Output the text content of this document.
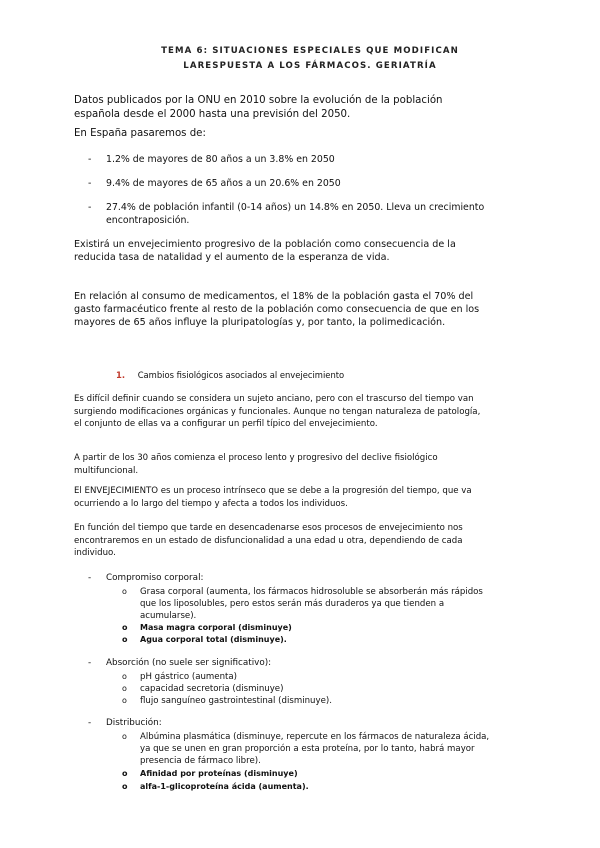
TEMA 6: SITUACIONES ESPECIALES QUE MODIFICAN LARESPUESTA A LOS FÁRMACOS. GERIATRÍA
Datos publicados por la ONU en 2010 sobre la evolución de la población española desde el 2000 hasta una previsión del 2050.
En España pasaremos de:
- 1.2% de mayores de 80 años a un 3.8% en 2050
- 9.4% de mayores de 65 años a un 20.6% en 2050
- 27.4% de población infantil (0-14 años) un 14.8% en 2050. Lleva un crecimiento encontraposición.
Existirá un envejecimiento progresivo de la población como consecuencia de la reducida tasa de natalidad y el aumento de la esperanza de vida.
En relación al consumo de medicamentos, el 18% de la población gasta el 70% del gasto farmacéutico frente al resto de la población como consecuencia de que en los mayores de 65 años influye la pluripatologías y, por tanto, la polimedicación.
1. Cambios fisiológicos asociados al envejecimiento
Es difícil definir cuando se considera un sujeto anciano, pero con el trascurso del tiempo van surgiendo modificaciones orgánicas y funcionales. Aunque no tengan naturaleza de patología, el conjunto de ellas va a configurar un perfil típico del envejecimiento.
A partir de los 30 años comienza el proceso lento y progresivo del declive fisiológico multifuncional.
El ENVEJECIMIENTO es un proceso intrínseco que se debe a la progresión del tiempo, que va ocurriendo a lo largo del tiempo y afecta a todos los individuos.
En función del tiempo que tarde en desencadenarse esos procesos de envejecimiento nos encontraremos en un estado de disfuncionalidad a una edad u otra, dependiendo de cada individuo.
- Compromiso corporal:
o Grasa corporal (aumenta, los fármacos hidrosoluble se absorberán más rápidos que los liposolubles, pero estos serán más duraderos ya que tienden a acumularse).
o Masa magra corporal (disminuye)
o Agua corporal total (disminuye).
- Absorción (no suele ser significativo):
o pH gástrico (aumenta)
o capacidad secretoria (disminuye)
o flujo sanguíneo gastrointestinal (disminuye).
- Distribución:
o Albúmina plasmática (disminuye, repercute en los fármacos de naturaleza ácida, ya que se unen en gran proporción a esta proteína, por lo tanto, habrá mayor presencia de fármaco libre).
o Afinidad por proteínas (disminuye)
o alfa-1-glicoproteína ácida (aumenta).
